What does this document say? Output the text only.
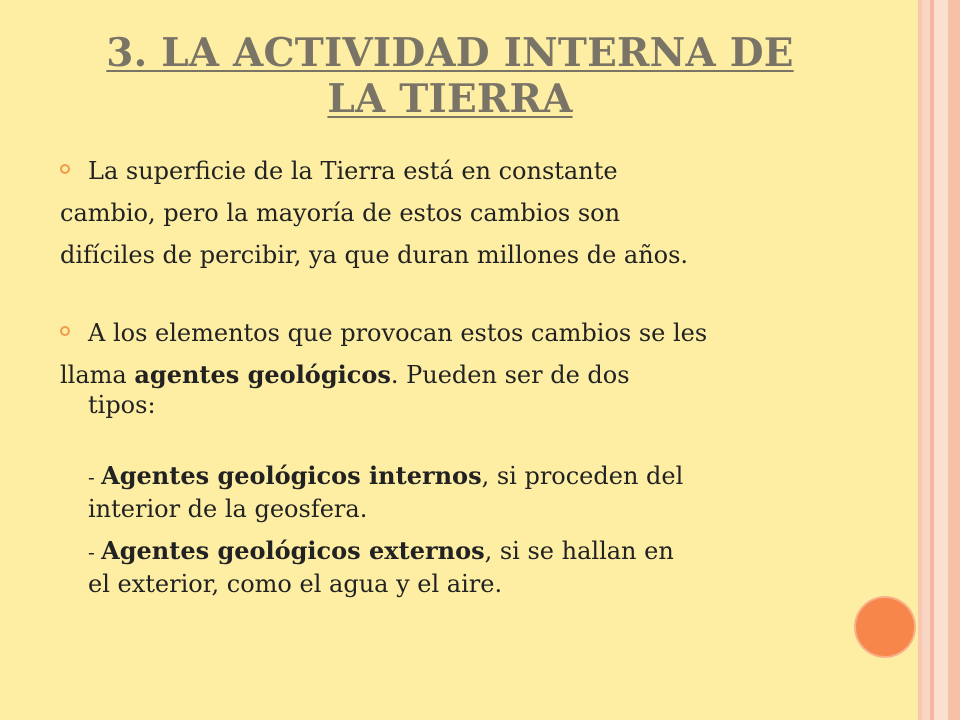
3. LA ACTIVIDAD INTERNA DE
LA TIERRA
La superficie de la Tierra está en constante
cambio, pero la mayoría de estos cambios son
difíciles de percibir, ya que duran millones de años.
A los elementos que provocan estos cambios se les
llama agentes geológicos. Pueden ser de dos
tipos:
- Agentes geológicos internos, si proceden del
interior de la geosfera.
- Agentes geológicos externos, si se hallan en
el exterior, como el agua y el aire.
